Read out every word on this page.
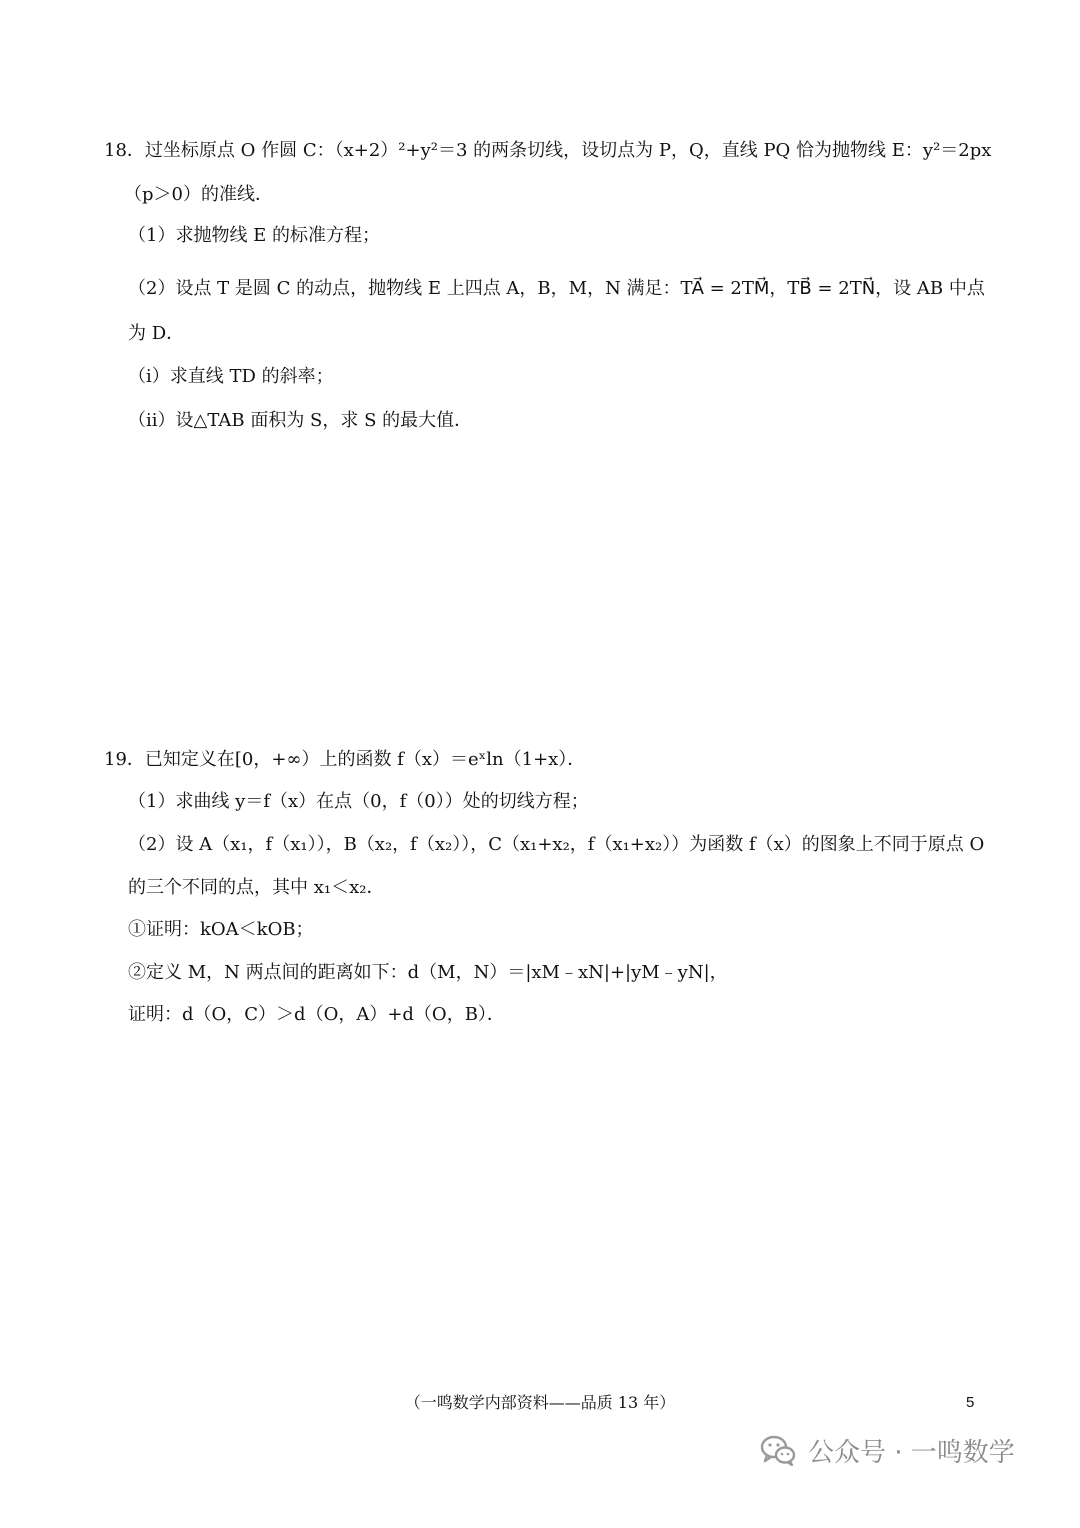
18．过坐标原点 O 作圆 C：（x+2）²+y²＝3 的两条切线，设切点为 P，Q，直线 PQ 恰为抛物线 E：y²＝2px
（p＞0）的准线．
（1）求抛物线 E 的标准方程；
（2）设点 T 是圆 C 的动点，抛物线 E 上四点 A，B，M，N 满足：TA⃗ = 2TM⃗，TB⃗ = 2TN⃗，设 AB 中点
为 D．
（i）求直线 TD 的斜率；
（ii）设△TAB 面积为 S，求 S 的最大值．
19．已知定义在[0，+∞）上的函数 f（x）＝eˣln（1+x）．
（1）求曲线 y＝f（x）在点（0，f（0））处的切线方程；
（2）设 A（x₁，f（x₁）），B（x₂，f（x₂）），C（x₁+x₂，f（x₁+x₂））为函数 f（x）的图象上不同于原点 O
的三个不同的点，其中 x₁＜x₂．
①证明：kOA＜kOB；
②定义 M，N 两点间的距离如下：d（M，N）＝|xM﹣xN|+|yM﹣yN|，
证明：d（O，C）＞d（O，A）+d（O，B）．
（一鸣数学内部资料——品质 13 年）	5
公众号 · 一鸣数学
